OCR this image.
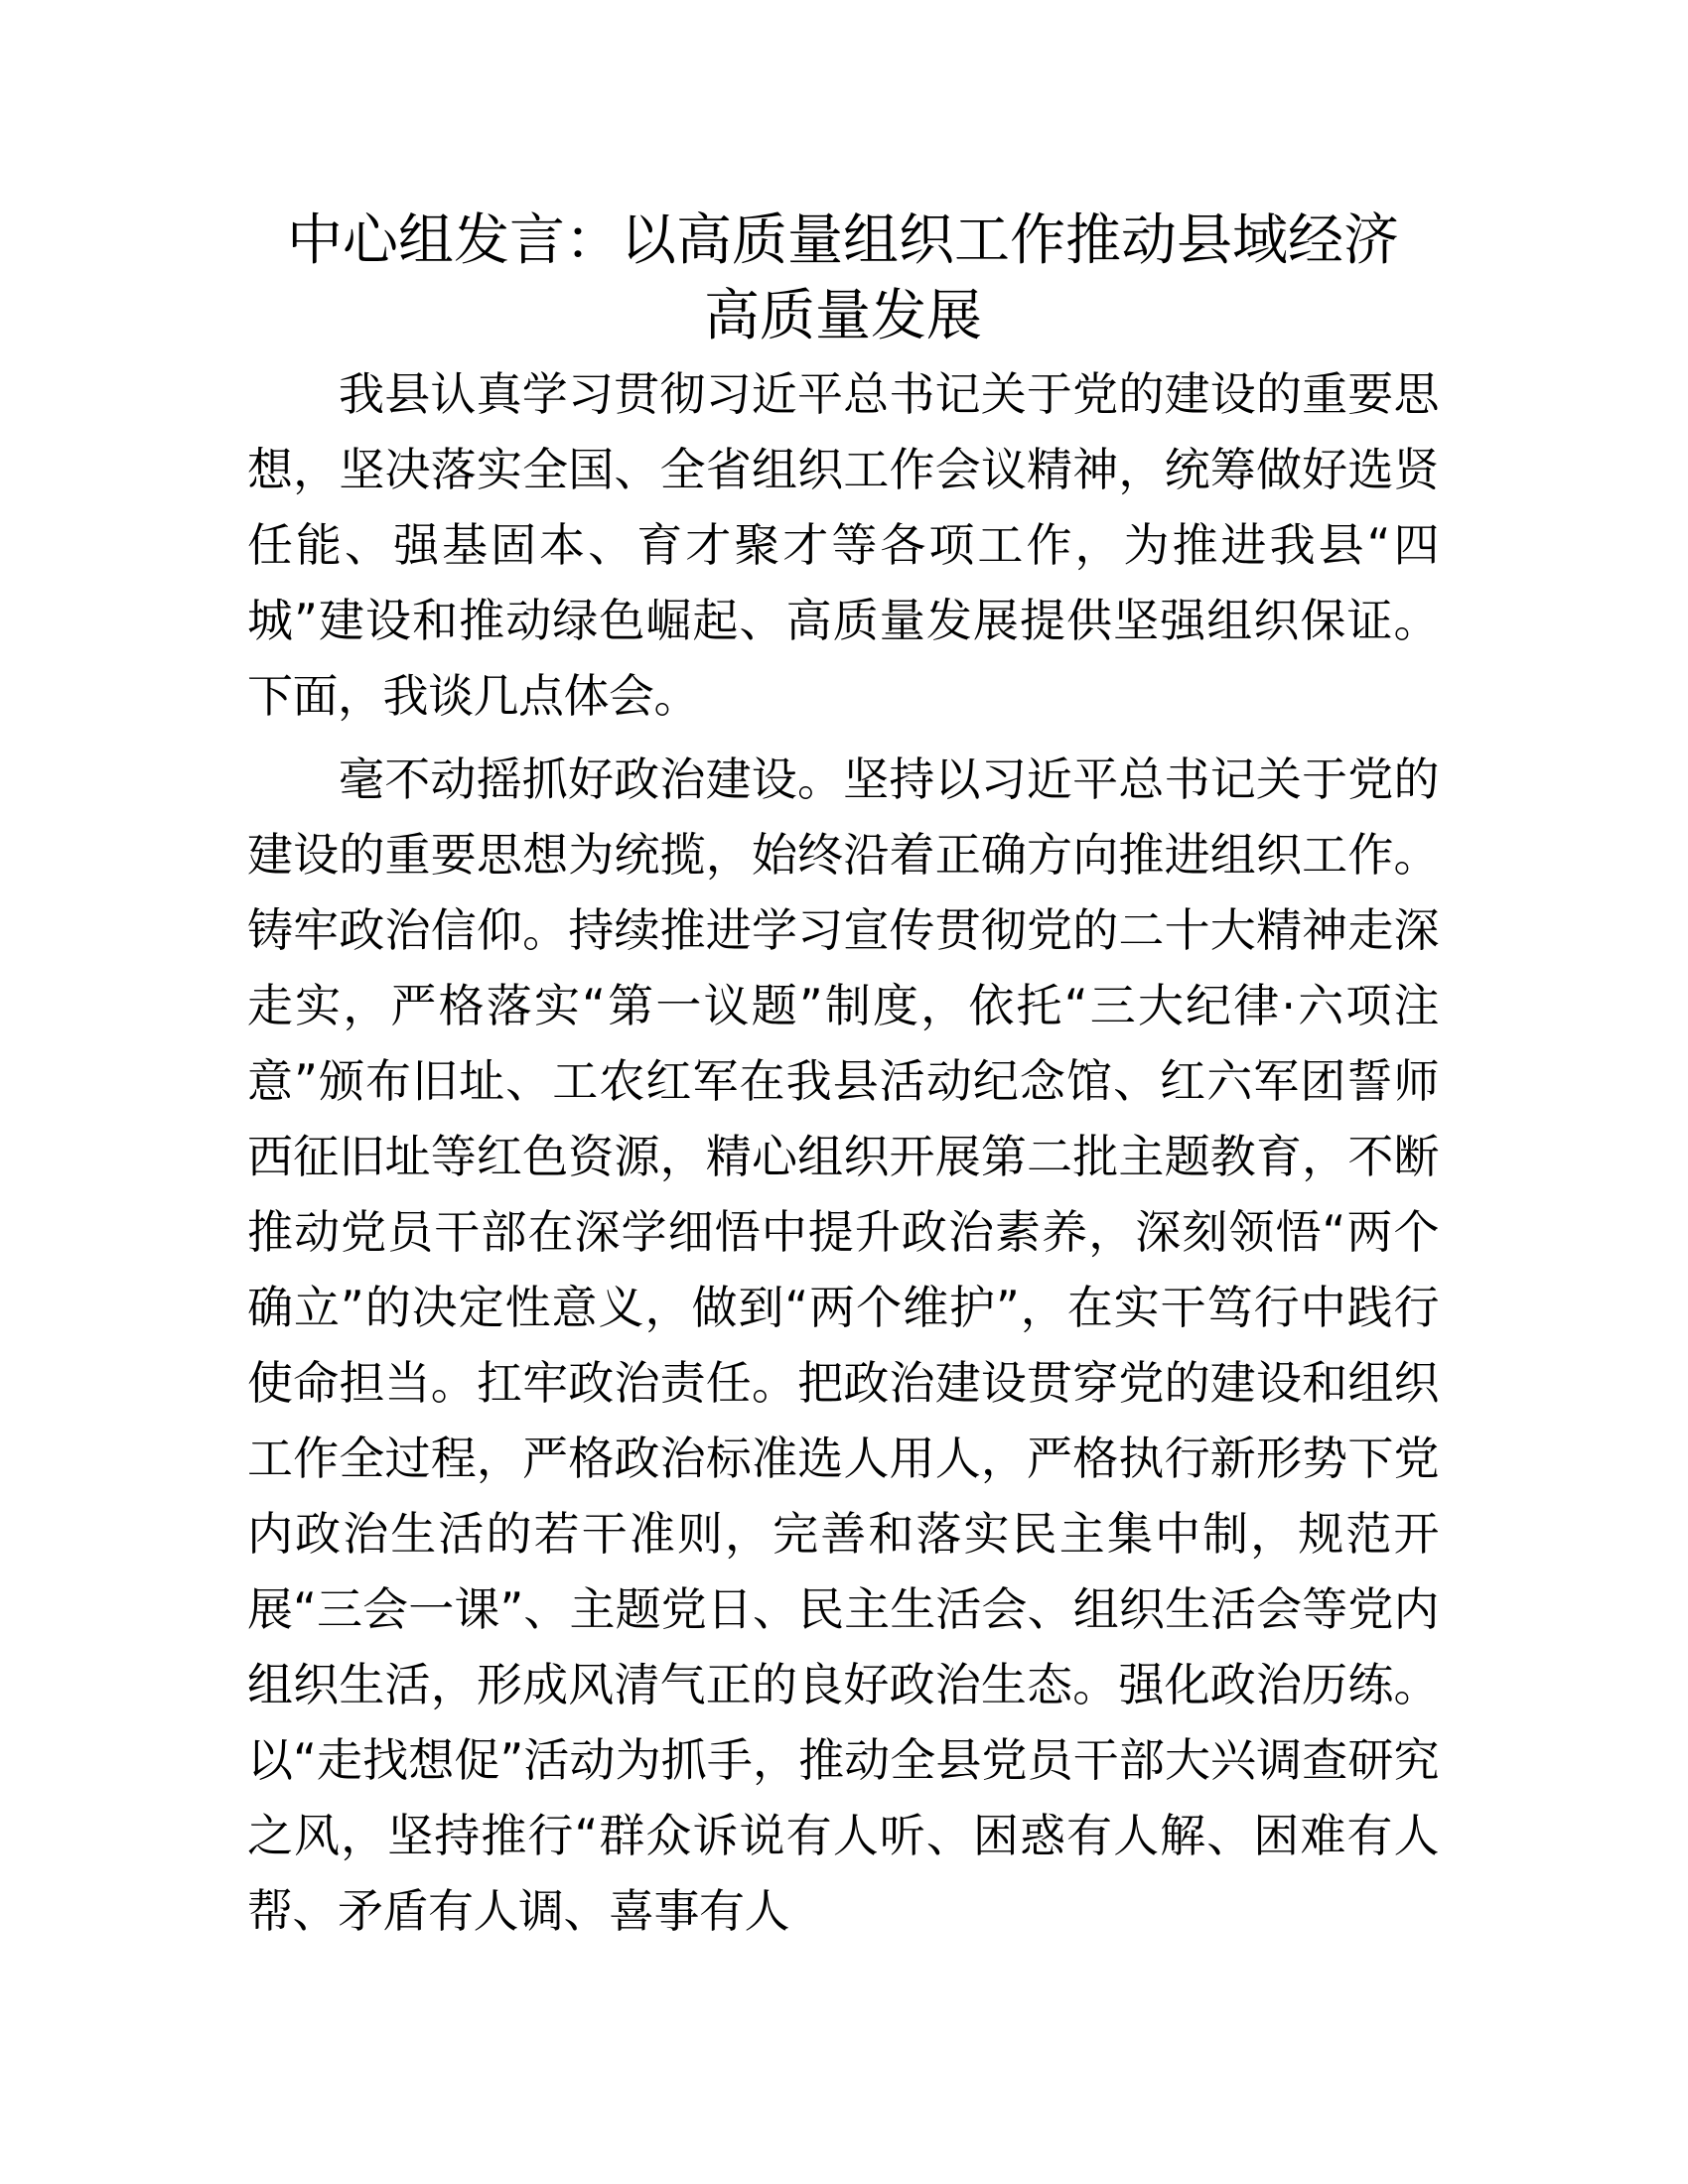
中心组发言：以高质量组织工作推动县域经济
高质量发展

我县认真学习贯彻习近平总书记关于党的建设的重要思想，坚决落实全国、全省组织工作会议精神，统筹做好选贤任能、强基固本、育才聚才等各项工作，为推进我县“四城”建设和推动绿色崛起、高质量发展提供坚强组织保证。下面，我谈几点体会。

毫不动摇抓好政治建设。坚持以习近平总书记关于党的建设的重要思想为统揽，始终沿着正确方向推进组织工作。铸牢政治信仰。持续推进学习宣传贯彻党的二十大精神走深走实，严格落实“第一议题”制度，依托“三大纪律·六项注意”颁布旧址、工农红军在我县活动纪念馆、红六军团誓师西征旧址等红色资源，精心组织开展第二批主题教育，不断推动党员干部在深学细悟中提升政治素养，深刻领悟“两个确立”的决定性意义，做到“两个维护”，在实干笃行中践行使命担当。扛牢政治责任。把政治建设贯穿党的建设和组织工作全过程，严格政治标准选人用人，严格执行新形势下党内政治生活的若干准则，完善和落实民主集中制，规范开展“三会一课”、主题党日、民主生活会、组织生活会等党内组织生活，形成风清气正的良好政治生态。强化政治历练。以“走找想促”活动为抓手，推动全县党员干部大兴调查研究之风，坚持推行“群众诉说有人听、困惑有人解、困难有人帮、矛盾有人调、喜事有人
